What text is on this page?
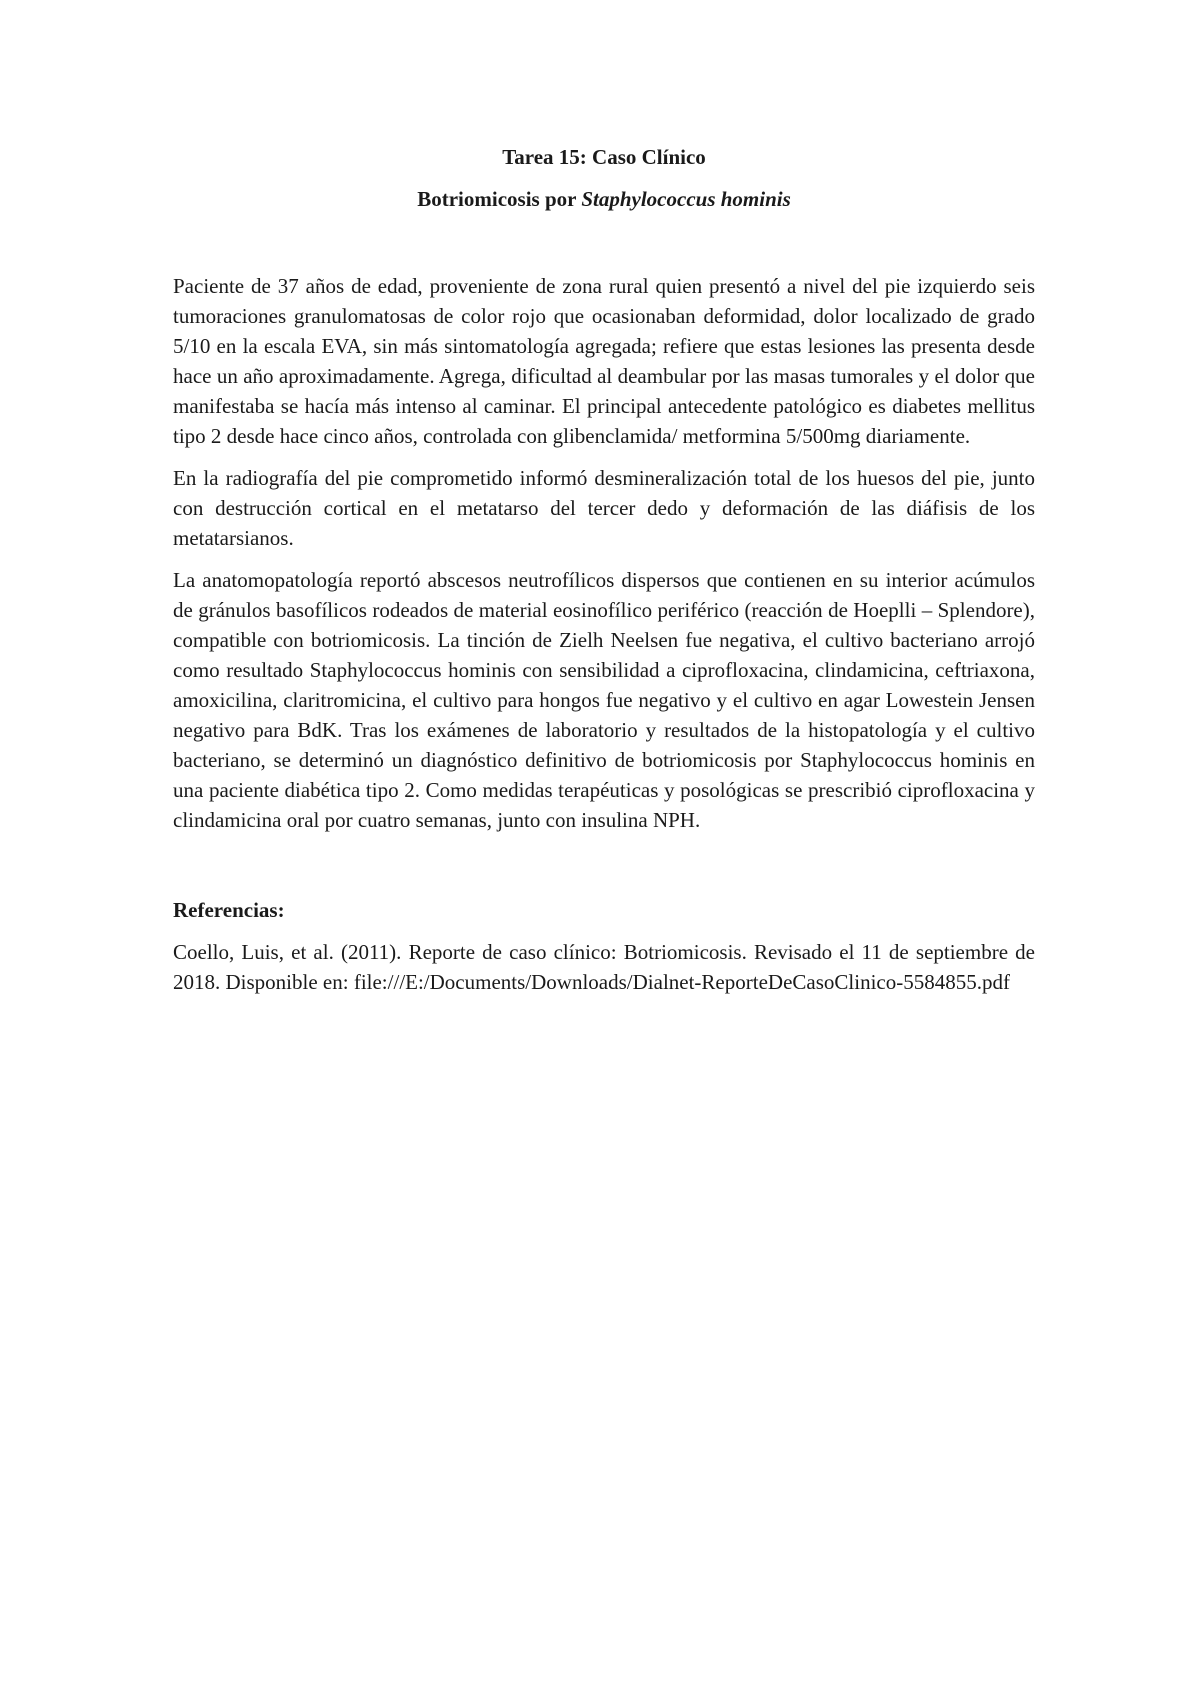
Tarea 15: Caso Clínico
Botriomicosis por Staphylococcus hominis

Paciente de 37 años de edad, proveniente de zona rural quien presentó a nivel del pie izquierdo seis tumoraciones granulomatosas de color rojo que ocasionaban deformidad, dolor localizado de grado 5/10 en la escala EVA, sin más sintomatología agregada; refiere que estas lesiones las presenta desde hace un año aproximadamente. Agrega, dificultad al deambular por las masas tumorales y el dolor que manifestaba se hacía más intenso al caminar. El principal antecedente patológico es diabetes mellitus tipo 2 desde hace cinco años, controlada con glibenclamida/ metformina 5/500mg diariamente.

En la radiografía del pie comprometido informó desmineralización total de los huesos del pie, junto con destrucción cortical en el metatarso del tercer dedo y deformación de las diáfisis de los metatarsianos.

La anatomopatología reportó abscesos neutrofílicos dispersos que contienen en su interior acúmulos de gránulos basofílicos rodeados de material eosinofílico periférico (reacción de Hoeplli – Splendore), compatible con botriomicosis. La tinción de Zielh Neelsen fue negativa, el cultivo bacteriano arrojó como resultado Staphylococcus hominis con sensibilidad a ciprofloxacina, clindamicina, ceftriaxona, amoxicilina, claritromicina, el cultivo para hongos fue negativo y el cultivo en agar Lowestein Jensen negativo para BdK. Tras los exámenes de laboratorio y resultados de la histopatología y el cultivo bacteriano, se determinó un diagnóstico definitivo de botriomicosis por Staphylococcus hominis en una paciente diabética tipo 2. Como medidas terapéuticas y posológicas se prescribió ciprofloxacina y clindamicina oral por cuatro semanas, junto con insulina NPH.

Referencias:

Coello, Luis, et al. (2011). Reporte de caso clínico: Botriomicosis. Revisado el 11 de septiembre de 2018. Disponible en: file:///E:/Documents/Downloads/Dialnet-ReporteDeCasoClinico-5584855.pdf
